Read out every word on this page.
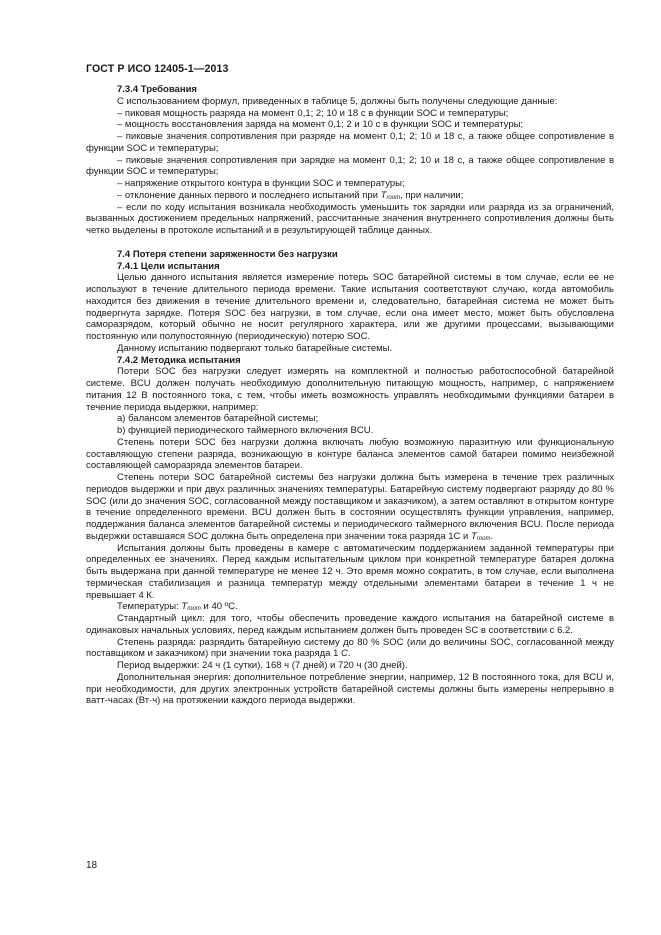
ГОСТ Р ИСО 12405-1—2013

7.3.4 Требования

С использованием формул, приведенных в таблице 5, должны быть получены следующие данные:

– пиковая мощность разряда на момент 0,1; 2; 10 и 18 с в функции SOC и температуры;

– мощность восстановления заряда на момент 0,1; 2 и 10 с в функции SOC и температуры;

– пиковые значения сопротивления при разряде на момент 0,1; 2; 10 и 18 с, а также общее сопротивление в функции SOC и температуры;

– пиковые значения сопротивления при зарядке на момент 0,1; 2; 10 и 18 с, а также общее сопротивление в функции SOC и температуры;

– напряжение открытого контура в функции SOC и температуры;

– отклонение данных первого и последнего испытаний при $T_{room}$, при наличии;

– если по ходу испытания возникала необходимость уменьшить ток зарядки или разряда из за ограничений, вызванных достижением предельных напряжений, рассчитанные значения внутреннего сопротивления должны быть четко выделены в протоколе испытаний и в результирующей таблице данных.

7.4 Потеря степени заряженности без нагрузки

7.4.1 Цели испытания

Целью данного испытания является измерение потерь SOC батарейной системы в том случае, если ее не используют в течение длительного периода времени. Такие испытания соответствуют случаю, когда автомобиль находится без движения в течение длительного времени и, следовательно, батарейная система не может быть подвергнута зарядке. Потеря SOC без нагрузки, в том случае, если она имеет место, может быть обусловлена саморазрядом, который обычно не носит регулярного характера, или же другими процессами, вызывающими постоянную или полупостоянную (периодическую) потерю SOC.

Данному испытанию подвергают только батарейные системы.

7.4.2 Методика испытания

Потери SOC без нагрузки следует измерять на комплектной и полностью работоспособной батарейной системе. BCU должен получать необходимую дополнительную питающую мощность, например, с напряжением питания 12 В постоянного тока, с тем, чтобы иметь возможность управлять необходимыми функциями батареи в течение периода выдержки, например:

а) балансом элементов батарейной системы;

b) функцией периодического таймерного включения BCU.

Степень потери SOC без нагрузки должна включать любую возможную паразитную или функциональную составляющую степени разряда, возникающую в контуре баланса элементов самой батареи помимо неизбежной составляющей саморазряда элементов батареи.

Степень потери SOC батарейной системы без нагрузки должна быть измерена в течение трех различных периодов выдержки и при двух различных значениях температуры. Батарейную систему подвергают разряду до 80 % SOC (или до значения SOC, согласованной между поставщиком и заказчиком), а затем оставляют в открытом контуре в течение определенного времени. BCU должен быть в состоянии осуществлять функции управления, например, поддержания баланса элементов батарейной системы и периодического таймерного включения BCU. После периода выдержки оставшаяся SOC должна быть определена при значении тока разряда 1C и $T_{room}$.

Испытания должны быть проведены в камере с автоматическим поддержанием заданной температуры при определенных ее значениях. Перед каждым испытательным циклом при конкретной температуре батарея должна быть выдержана при данной температуре не менее 12 ч. Это время можно сократить, в том случае, если выполнена термическая стабилизация и разница температур между отдельными элементами батареи в течение 1 ч не превышает 4 К.

Температуры: $T_{room}$ и 40 ºС.

Стандартный цикл: для того, чтобы обеспечить проведение каждого испытания на батарейной системе в одинаковых начальных условиях, перед каждым испытанием должен быть проведен SC в соответствии с 6.2.

Степень разряда: разрядить батарейную систему до 80 % SOC (или до величины SOC, согласованной между поставщиком и заказчиком) при значении тока разряда 1 C.

Период выдержки: 24 ч (1 сутки), 168 ч (7 дней) и 720 ч (30 дней).

Дополнительная энергия: дополнительное потребление энергии, например, 12 В постоянного тока, для BCU и, при необходимости, для других электронных устройств батарейной системы должны быть измерены непрерывно в ватт-часах (Вт·ч) на протяжении каждого периода выдержки.

18
